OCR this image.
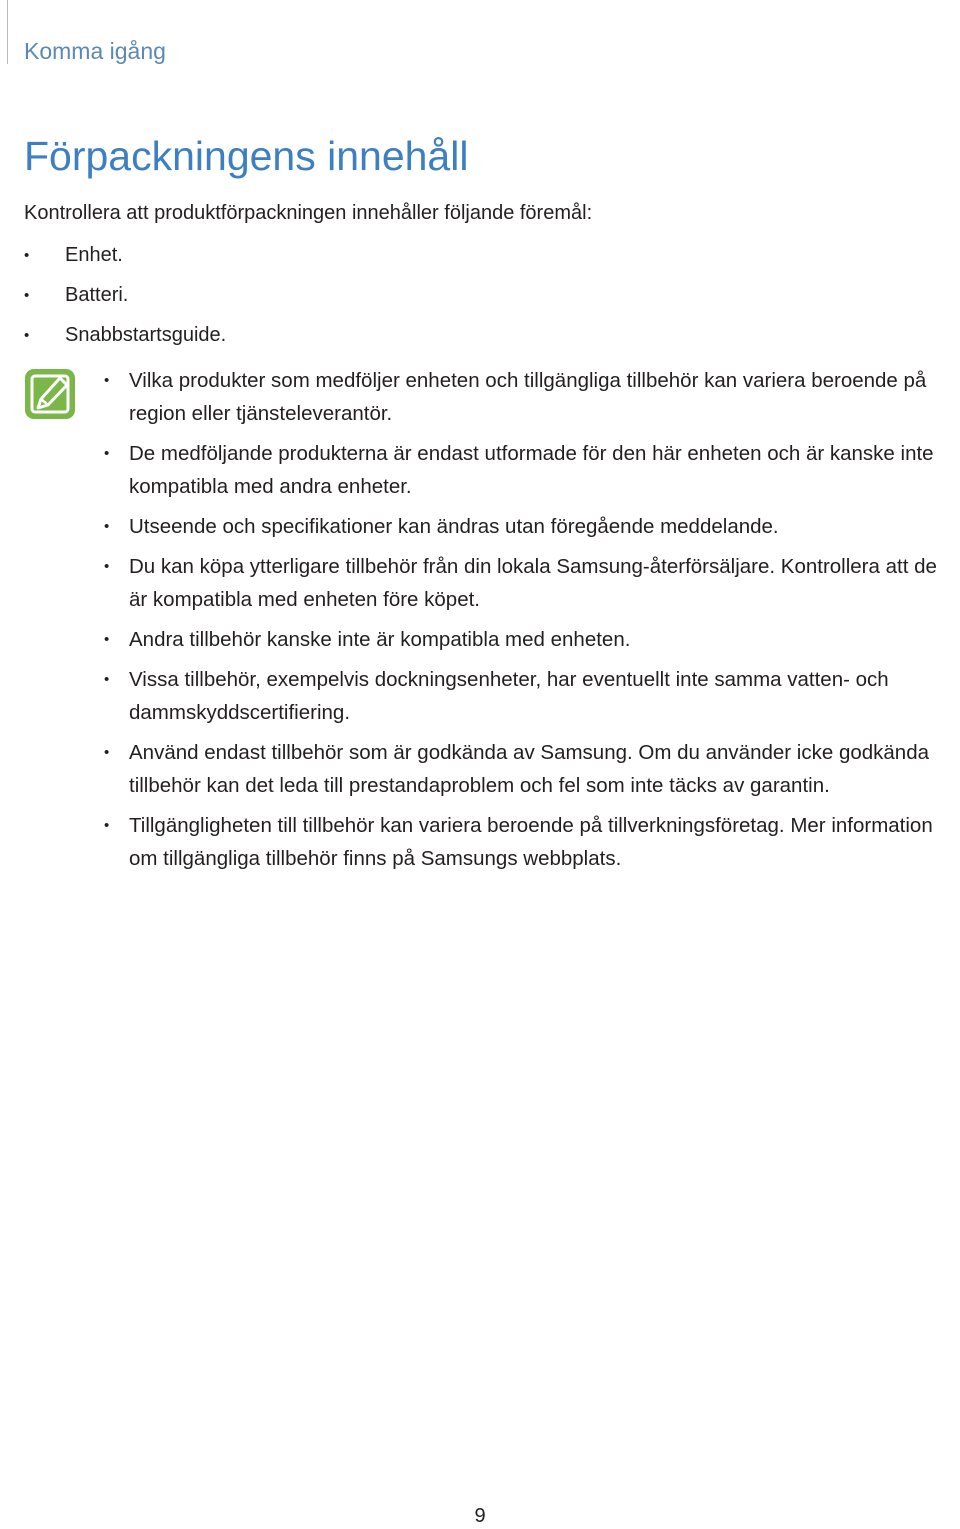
Komma igång
Förpackningens innehåll

Kontrollera att produktförpackningen innehåller följande föremål:

• Enhet.
• Batteri.
• Snabbstartsguide.
• Vilka produkter som medföljer enheten och tillgängliga tillbehör kan variera beroende på region eller tjänsteleverantör.
• De medföljande produkterna är endast utformade för den här enheten och är kanske inte kompatibla med andra enheter.
• Utseende och specifikationer kan ändras utan föregående meddelande.
• Du kan köpa ytterligare tillbehör från din lokala Samsung-återförsäljare. Kontrollera att de är kompatibla med enheten före köpet.
• Andra tillbehör kanske inte är kompatibla med enheten.
• Vissa tillbehör, exempelvis dockningsenheter, har eventuellt inte samma vatten- och dammskyddscertifiering.
• Använd endast tillbehör som är godkända av Samsung. Om du använder icke godkända tillbehör kan det leda till prestandaproblem och fel som inte täcks av garantin.
• Tillgängligheten till tillbehör kan variera beroende på tillverkningsföretag. Mer information om tillgängliga tillbehör finns på Samsungs webbplats.
9
